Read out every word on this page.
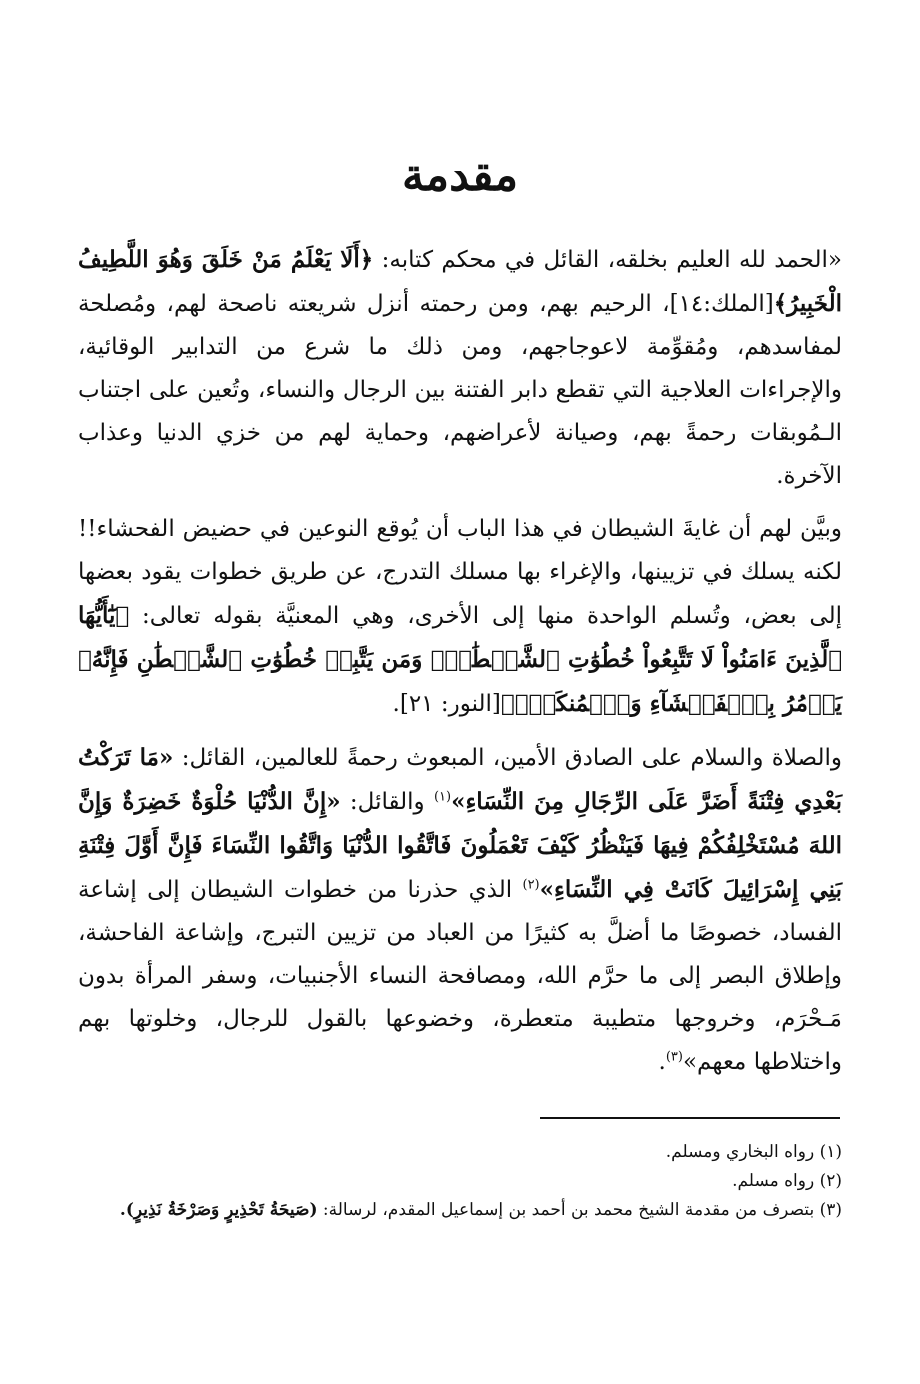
مقدمة

«الحمد لله العليم بخلقه، القائل في محكم كتابه: ﴿أَلَا يَعْلَمُ مَنْ خَلَقَ وَهُوَ اللَّطِيفُ الْخَبِيرُ﴾[الملك:١٤]، الرحيم بهم، ومن رحمته أنزل شريعته ناصحة لهم، ومُصلحة لمفاسدهم، ومُقوِّمة لاعوجاجهم، ومن ذلك ما شرع من التدابير الوقائية، والإجراءات العلاجية التي تقطع دابر الفتنة بين الرجال والنساء، وتُعين على اجتناب الـمُوبقات رحمةً بهم، وصيانة لأعراضهم، وحماية لهم من خزي الدنيا وعذاب الآخرة.

وبيَّن لهم أن غايةَ الشيطان في هذا الباب أن يُوقع النوعين في حضيض الفحشاء!! لكنه يسلك في تزيينها، والإغراء بها مسلك التدرج، عن طريق خطوات يقود بعضها إلى بعض، وتُسلم الواحدة منها إلى الأخرى، وهي المعنيَّة بقوله تعالى: ﴿يَٰٓأَيُّهَا ٱلَّذِينَ ءَامَنُواْ لَا تَتَّبِعُواْ خُطُوَٰتِ ٱلشَّيۡطَٰنِۚ وَمَن يَتَّبِعۡ خُطُوَٰتِ ٱلشَّيۡطَٰنِ فَإِنَّهُۥ يَأۡمُرُ بِٱلۡفَحۡشَآءِ وَٱلۡمُنكَرِۚ﴾[النور: ٢١].

والصلاة والسلام على الصادق الأمين، المبعوث رحمةً للعالمين، القائل: «مَا تَرَكْتُ بَعْدِي فِتْنَةً أَضَرَّ عَلَى الرِّجَالِ مِنَ النِّسَاءِ»$^{(١)}$ والقائل: «إِنَّ الدُّنْيَا حُلْوَةٌ خَضِرَةٌ وَإِنَّ اللهَ مُسْتَخْلِفُكُمْ فِيهَا فَيَنْظُرُ كَيْفَ تَعْمَلُونَ فَاتَّقُوا الدُّنْيَا وَاتَّقُوا النِّسَاءَ فَإِنَّ أَوَّلَ فِتْنَةِ بَنِي إِسْرَائِيلَ كَانَتْ فِي النِّسَاءِ»$^{(٢)}$ الذي حذرنا من خطوات الشيطان إلى إشاعة الفساد، خصوصًا ما أضلَّ به كثيرًا من العباد من تزيين التبرج، وإشاعة الفاحشة، وإطلاق البصر إلى ما حرَّم الله، ومصافحة النساء الأجنبيات، وسفر المرأة بدون مَـحْرَم، وخروجها متطيبة متعطرة، وخضوعها بالقول للرجال، وخلوتها بهم واختلاطها معهم»$^{(٣)}$.

(١) رواه البخاري ومسلم.

(٢) رواه مسلم.

(٣) بتصرف من مقدمة الشيخ محمد بن أحمد بن إسماعيل المقدم، لرسالة: (صَيحَةُ تَحْذِيرٍ وَصَرْخَةُ نَذِيرٍ).
